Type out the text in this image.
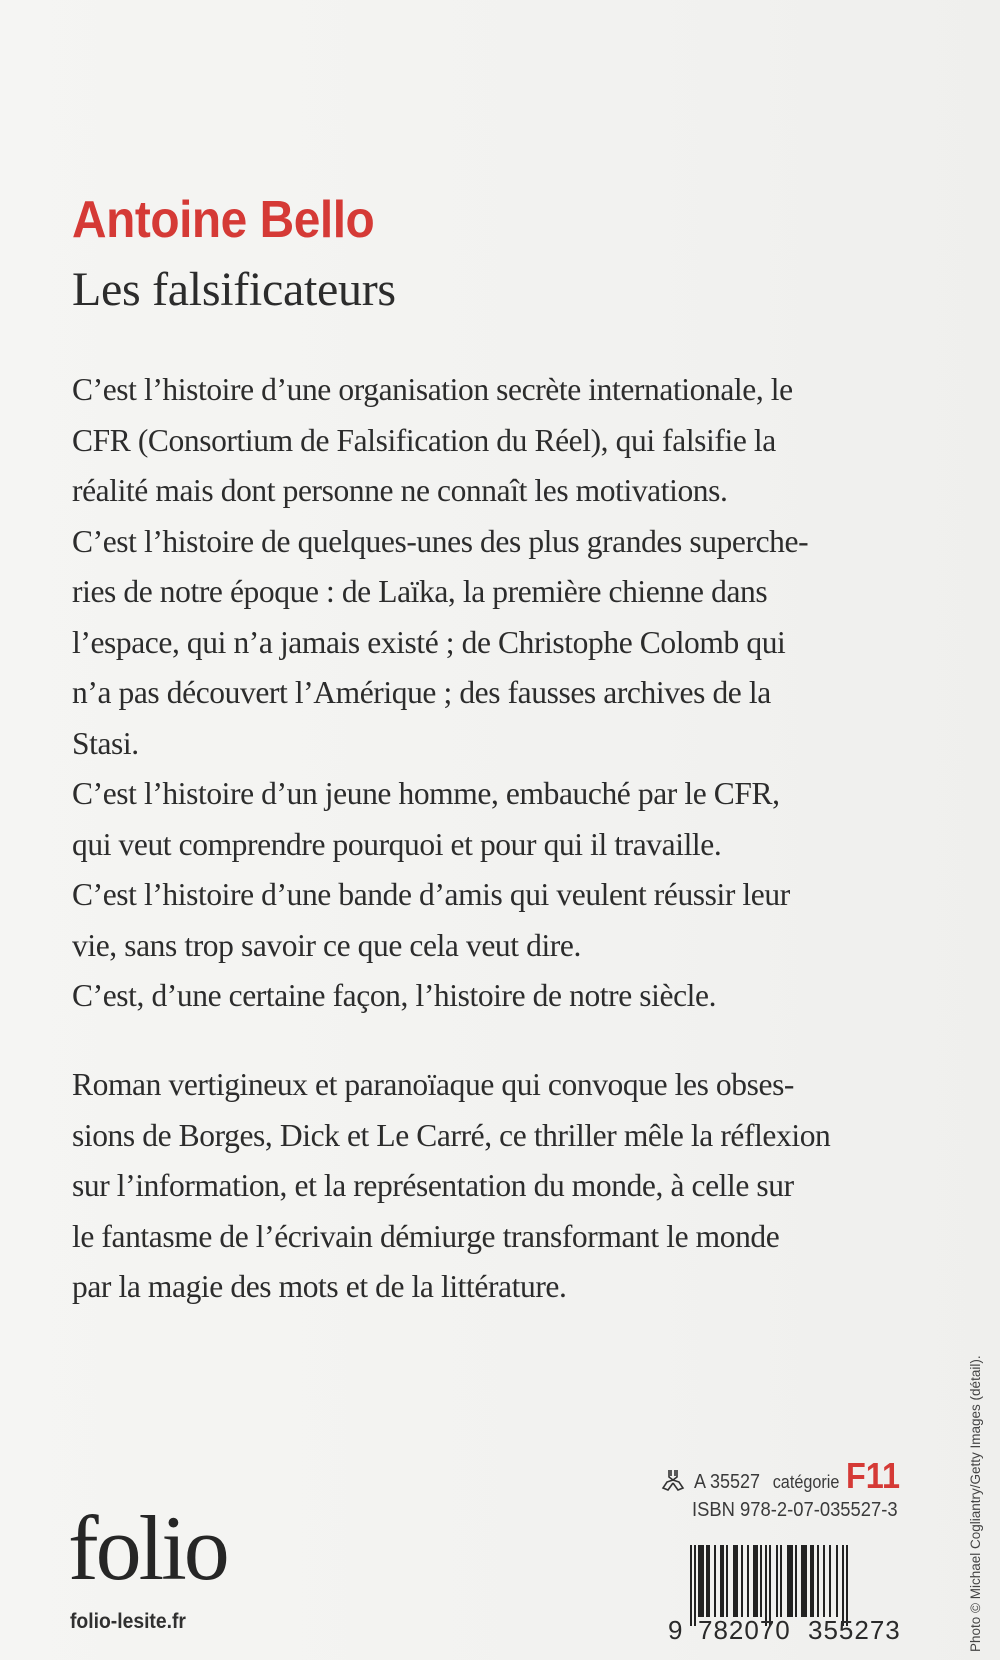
Antoine Bello
Les falsificateurs
C’est l’histoire d’une organisation secrète internationale, le
CFR (Consortium de Falsification du Réel), qui falsifie la
réalité mais dont personne ne connaît les motivations.
C’est l’histoire de quelques-unes des plus grandes superche-
ries de notre époque : de Laïka, la première chienne dans
l’espace, qui n’a jamais existé ; de Christophe Colomb qui
n’a pas découvert l’Amérique ; des fausses archives de la
Stasi.
C’est l’histoire d’un jeune homme, embauché par le CFR,
qui veut comprendre pourquoi et pour qui il travaille.
C’est l’histoire d’une bande d’amis qui veulent réussir leur
vie, sans trop savoir ce que cela veut dire.
C’est, d’une certaine façon, l’histoire de notre siècle.
Roman vertigineux et paranoïaque qui convoque les obses-
sions de Borges, Dick et Le Carré, ce thriller mêle la réflexion
sur l’information, et la représentation du monde, à celle sur
le fantasme de l’écrivain démiurge transformant le monde
par la magie des mots et de la littérature.
A 35527 catégorie F11
ISBN 978-2-07-035527-3
9 782070 355273
folio
folio-lesite.fr	Photo © Michael Cogliantry/Getty Images (détail).
